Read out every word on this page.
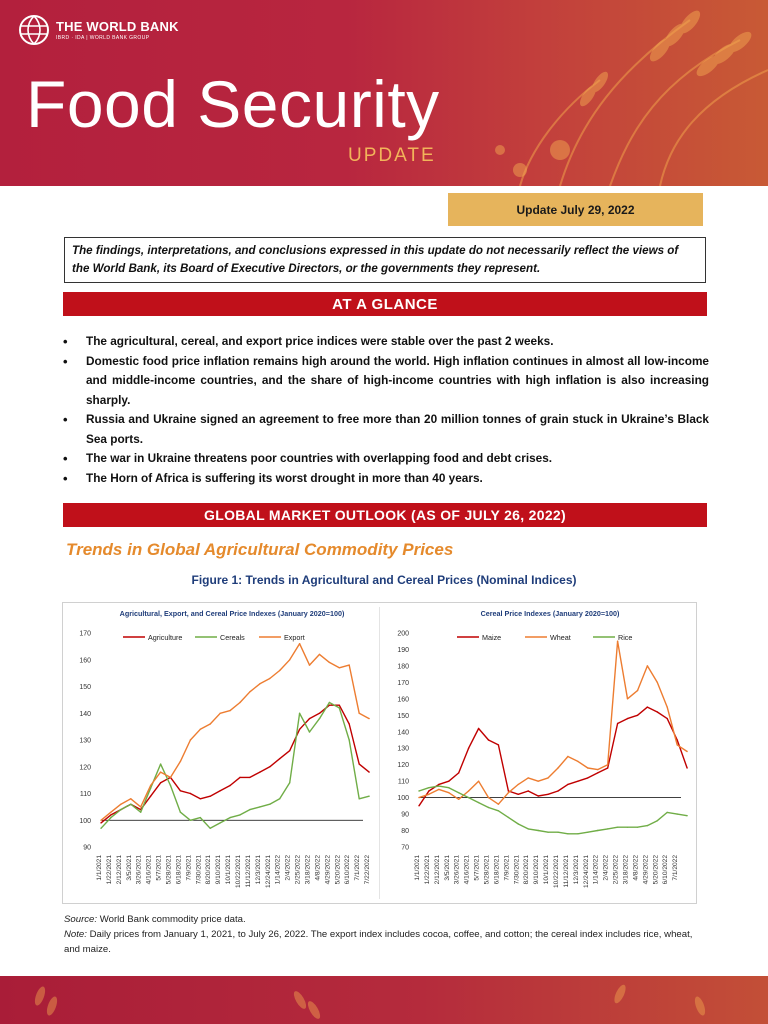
THE WORLD BANK
IBRD · IDA | WORLD BANK GROUP
Food Security
UPDATE
Update July 29, 2022
The findings, interpretations, and conclusions expressed in this update do not necessarily reflect the views of the World Bank, its Board of Executive Directors, or the governments they represent.
AT A GLANCE
• The agricultural, cereal, and export price indices were stable over the past 2 weeks.
• Domestic food price inflation remains high around the world. High inflation continues in almost all low-income and middle-income countries, and the share of high-income countries with high inflation is also increasing sharply.
• Russia and Ukraine signed an agreement to free more than 20 million tonnes of grain stuck in Ukraine’s Black Sea ports.
• The war in Ukraine threatens poor countries with overlapping food and debt crises.
• The Horn of Africa is suffering its worst drought in more than 40 years.
GLOBAL MARKET OUTLOOK (AS OF JULY 26, 2022)
Trends in Global Agricultural Commodity Prices
Figure 1: Trends in Agricultural and Cereal Prices (Nominal Indices)
Agricultural, Export, and Cereal Price Indexes (January 2020=100)
Agriculture	Cereals	Export
90
100
110
120
130
140
150
160
170
1/1/2021 1/22/2021 2/12/2021 3/5/2021 3/26/2021 4/16/2021 5/7/2021 5/28/2021 6/18/2021 7/9/2021 7/30/2021 8/20/2021 9/10/2021 10/1/2021 10/22/2021 11/12/2021 12/3/2021 12/24/2021 1/14/2022 2/4/2022 2/25/2022 3/18/2022 4/8/2022 4/29/2022 5/20/2022 6/10/2022 7/1/2022 7/22/2022
Cereal Price Indexes (January 2020=100)
Maize	Wheat	Rice
70
80
90
100
110
120
130
140
150
160
170
180
190
200
1/1/2021 1/22/2021 2/12/2021 3/5/2021 3/26/2021 4/16/2021 5/7/2021 5/28/2021 6/18/2021 7/9/2021 7/30/2021 8/20/2021 9/10/2021 10/1/2021 10/22/2021 11/12/2021 12/3/2021 12/24/2021 1/14/2022 2/4/2022 2/25/2022 3/18/2022 4/8/2022 4/29/2022 5/20/2022 6/10/2022 7/1/2022
Source: World Bank commodity price data.
Note: Daily prices from January 1, 2021, to July 26, 2022. The export index includes cocoa, coffee, and cotton; the cereal index includes rice, wheat, and maize.
